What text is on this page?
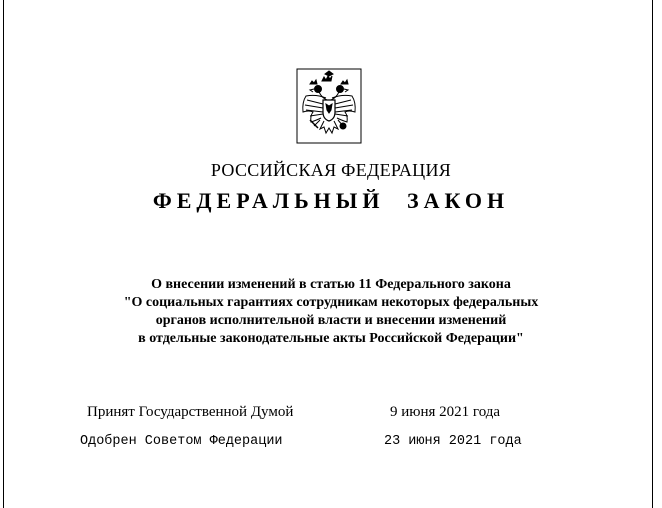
РОССИЙСКАЯ ФЕДЕРАЦИЯ
ФЕДЕРАЛЬНЫЙ ЗАКОН
О внесении изменений в статью 11 Федерального закона
"О социальных гарантиях сотрудникам некоторых федеральных
органов исполнительной власти и внесении изменений
в отдельные законодательные акты Российской Федерации"
Принят Государственной Думой	9 июня 2021 года
Одобрен Советом Федерации	23 июня 2021 года
